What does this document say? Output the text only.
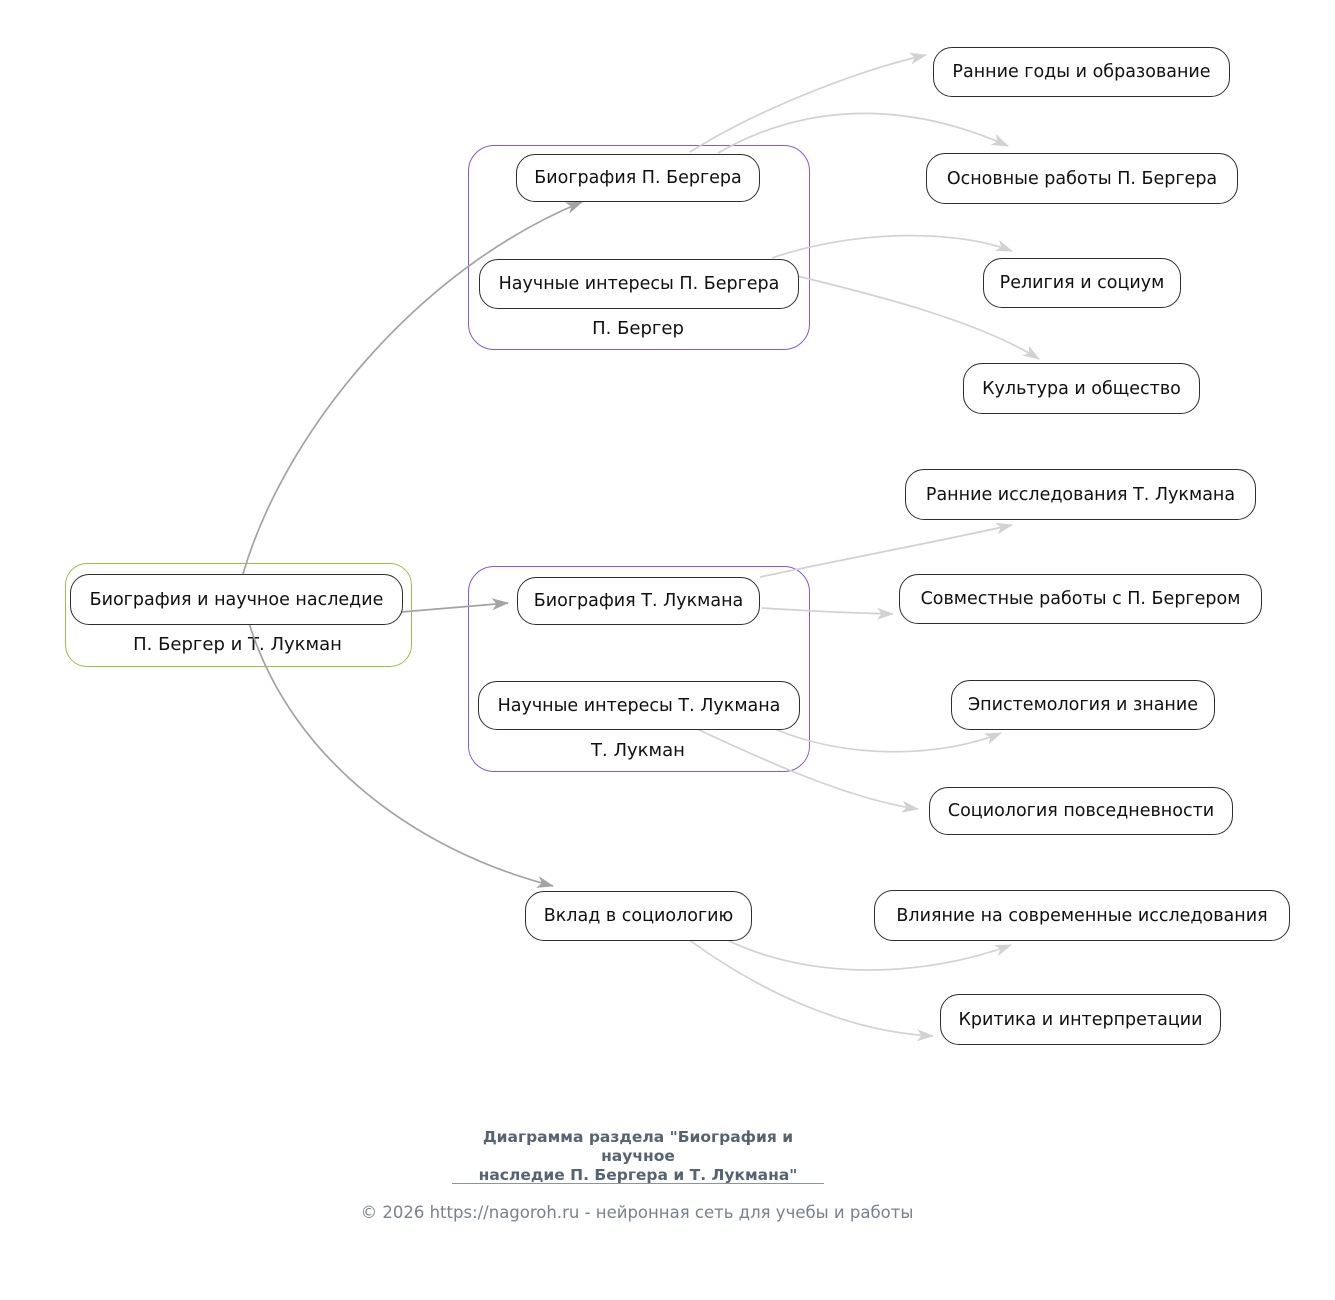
П. Бергер и Т. Лукман
П. Бергер
Т. Лукман
Биография и научное наследие
Биография П. Бергера
Научные интересы П. Бергера
Биография Т. Лукмана
Научные интересы Т. Лукмана
Ранние годы и образование
Основные работы П. Бергера
Религия и социум
Культура и общество
Ранние исследования Т. Лукмана
Совместные работы с П. Бергером
Эпистемология и знание
Социология повседневности
Вклад в социологию	Влияние на современные исследования
Критика и интерпретации
Диаграмма раздела "Биография и научное
наследие П. Бергера и Т. Лукмана"
© 2026 https://nagoroh.ru - нейронная сеть для учебы и работы
